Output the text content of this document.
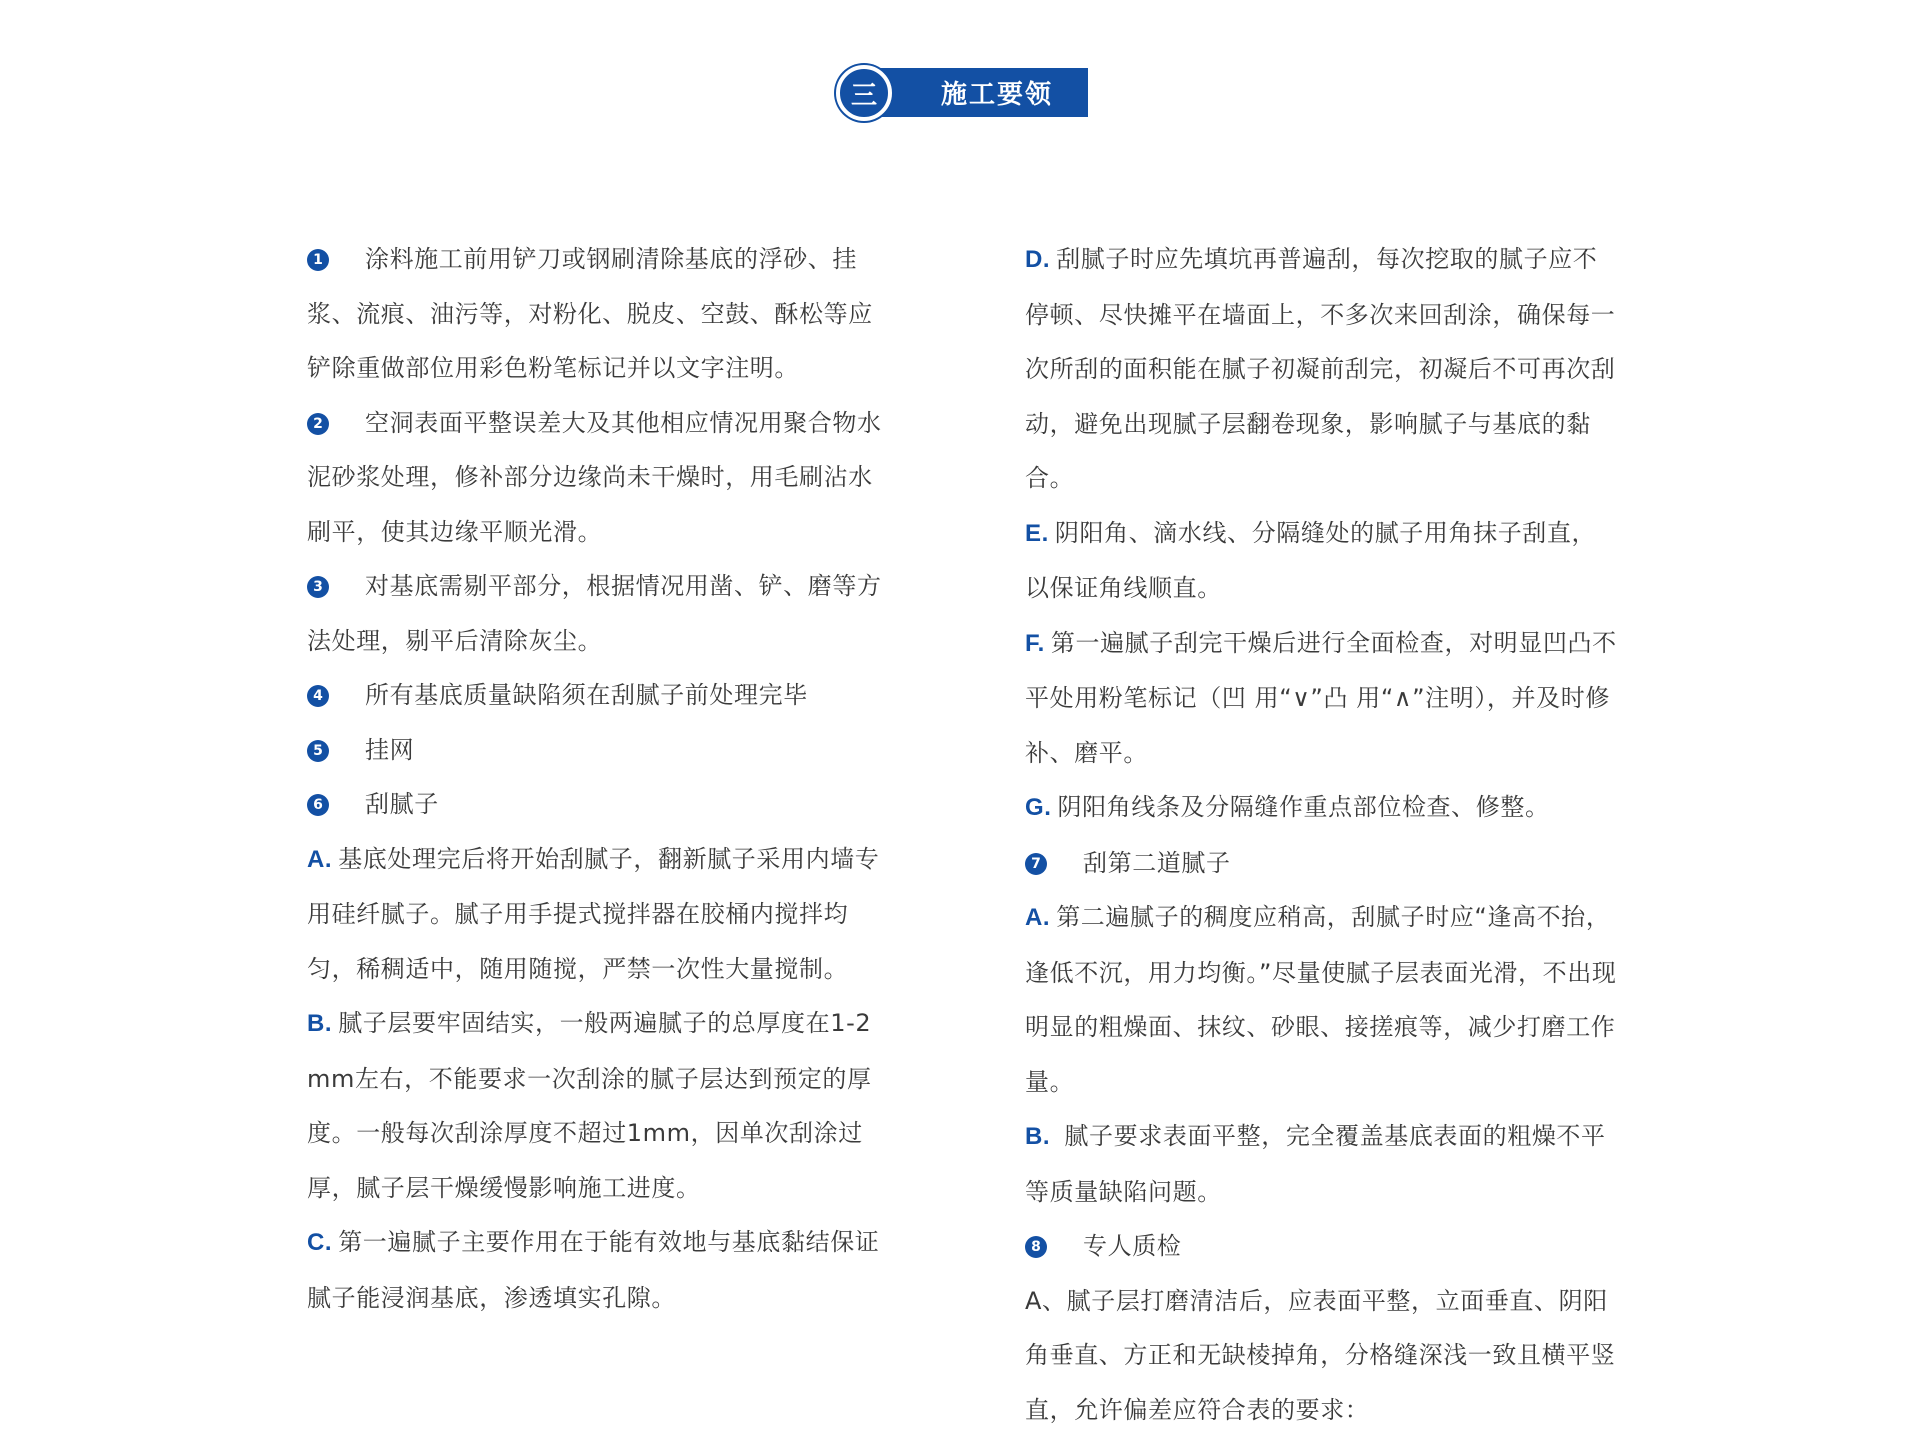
施工要领
三

1 涂料施工前用铲刀或钢刷清除基底的浮砂、挂浆、流痕、油污等，对粉化、脱皮、空鼓、酥松等应铲除重做部位用彩色粉笔标记并以文字注明。

2 空洞表面平整误差大及其他相应情况用聚合物水泥砂浆处理，修补部分边缘尚未干燥时，用毛刷沾水刷平，使其边缘平顺光滑。

3 对基底需剔平部分，根据情况用凿、铲、磨等方法处理，剔平后清除灰尘。

4 所有基底质量缺陷须在刮腻子前处理完毕

5 挂网

6 刮腻子

A. 基底处理完后将开始刮腻子，翻新腻子采用内墙专用硅纤腻子。腻子用手提式搅拌器在胶桶内搅拌均匀，稀稠适中，随用随搅，严禁一次性大量搅制。

B. 腻子层要牢固结实，一般两遍腻子的总厚度在1-2 mm左右，不能要求一次刮涂的腻子层达到预定的厚度。一般每次刮涂厚度不超过1mm，因单次刮涂过厚，腻子层干燥缓慢影响施工进度。

C. 第一遍腻子主要作用在于能有效地与基底黏结保证腻子能浸润基底，渗透填实孔隙。

D. 刮腻子时应先填坑再普遍刮，每次挖取的腻子应不停顿、尽快摊平在墙面上，不多次来回刮涂，确保每一次所刮的面积能在腻子初凝前刮完，初凝后不可再次刮动，避免出现腻子层翻卷现象，影响腻子与基底的黏合。

E. 阴阳角、滴水线、分隔缝处的腻子用角抹子刮直，以保证角线顺直。

F. 第一遍腻子刮完干燥后进行全面检查，对明显凹凸不平处用粉笔标记（凹 用“∨”凸 用“∧”注明），并及时修补、磨平。

G. 阴阳角线条及分隔缝作重点部位检查、修整。

7 刮第二道腻子

A. 第二遍腻子的稠度应稍高，刮腻子时应“逢高不抬，逢低不沉，用力均衡。”尽量使腻子层表面光滑，不出现明显的粗燥面、抹纹、砂眼、接搓痕等，减少打磨工作量。

B. 腻子要求表面平整，完全覆盖基底表面的粗燥不平等质量缺陷问题。

8 专人质检

A、腻子层打磨清洁后，应表面平整，立面垂直、阴阳角垂直、方正和无缺棱掉角，分格缝深浅一致且横平竖直，允许偏差应符合表的要求：
